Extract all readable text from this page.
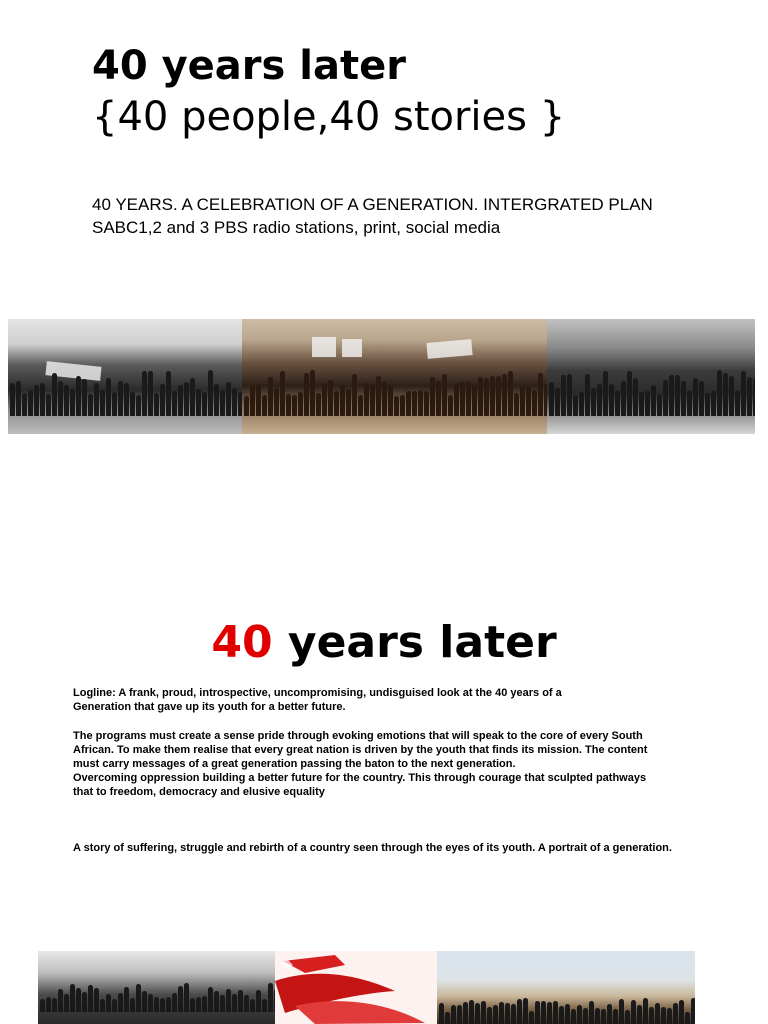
40 years later
{40 people,40 stories }
40 YEARS. A CELEBRATION OF A GENERATION. INTERGRATED PLAN
SABC1,2 and 3 PBS radio stations, print, social media
40 years later
Logline: A frank, proud, introspective, uncompromising, undisguised look at the 40 years of a
Generation that gave up its youth for a better future.
The programs must create a sense pride through evoking emotions that will speak to the core of every South
African. To make them realise that every great nation is driven by the youth that finds its mission. The content
must carry messages of a great generation passing the baton to the next generation.
Overcoming oppression building a better future for the country. This through courage that sculpted pathways
that to freedom, democracy and elusive equality
A story of suffering, struggle and rebirth of a country seen through the eyes of its youth. A portrait of a generation.
